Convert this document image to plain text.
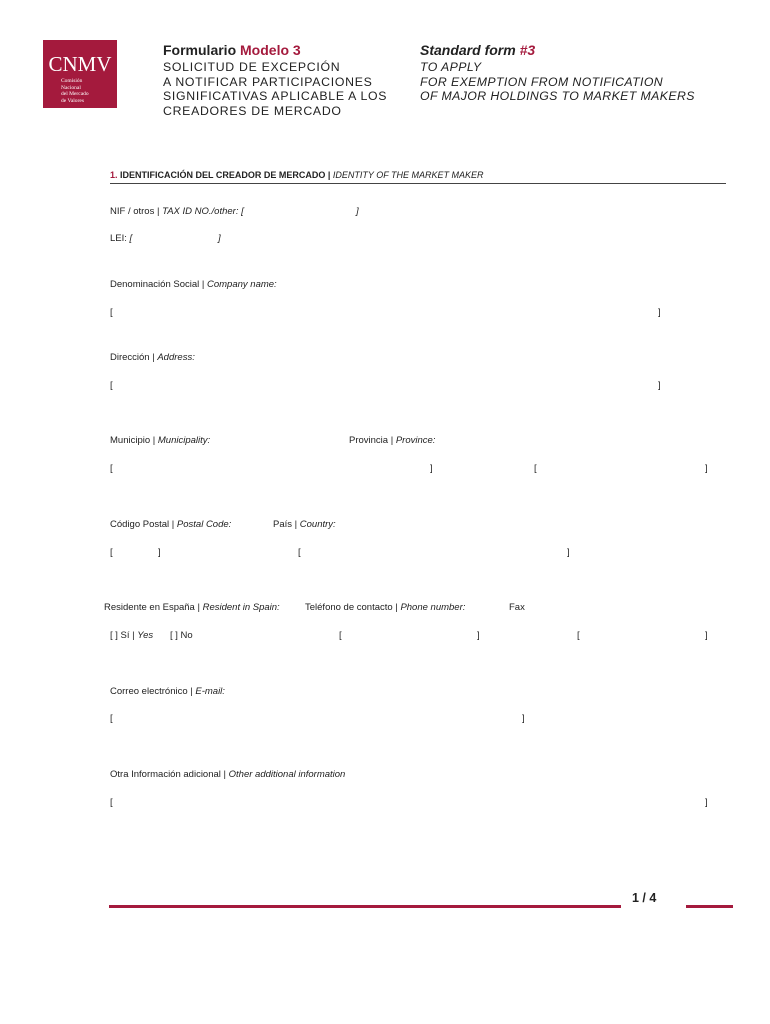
CNMV
Comisión
Nacional
del Mercado
de Valores
Formulario Modelo 3
SOLICITUD DE EXCEPCIÓN
A NOTIFICAR PARTICIPACIONES
SIGNIFICATIVAS APLICABLE A LOS
CREADORES DE MERCADO
Standard form #3
TO APPLY
FOR EXEMPTION FROM NOTIFICATION
OF MAJOR HOLDINGS TO MARKET MAKERS
1. IDENTIFICACIÓN DEL CREADOR DE MERCADO | IDENTITY OF THE MARKET MAKER
NIF / otros | TAX ID NO./other: [	]
LEI: [	]
Denominación Social | Company name:
[	]
Dirección | Address:
[	]
Municipio | Municipality:	Provincia | Province:
[	]	[	]
Código Postal | Postal Code:	País | Country:
[	]	[	]
Residente en España | Resident in Spain:	Teléfono de contacto | Phone number:	Fax
[ ] Sí | Yes [ ] No	[	]	[	]
Correo electrónico | E-mail:
[	]
Otra Información adicional | Other additional information
[	]
1 / 4
